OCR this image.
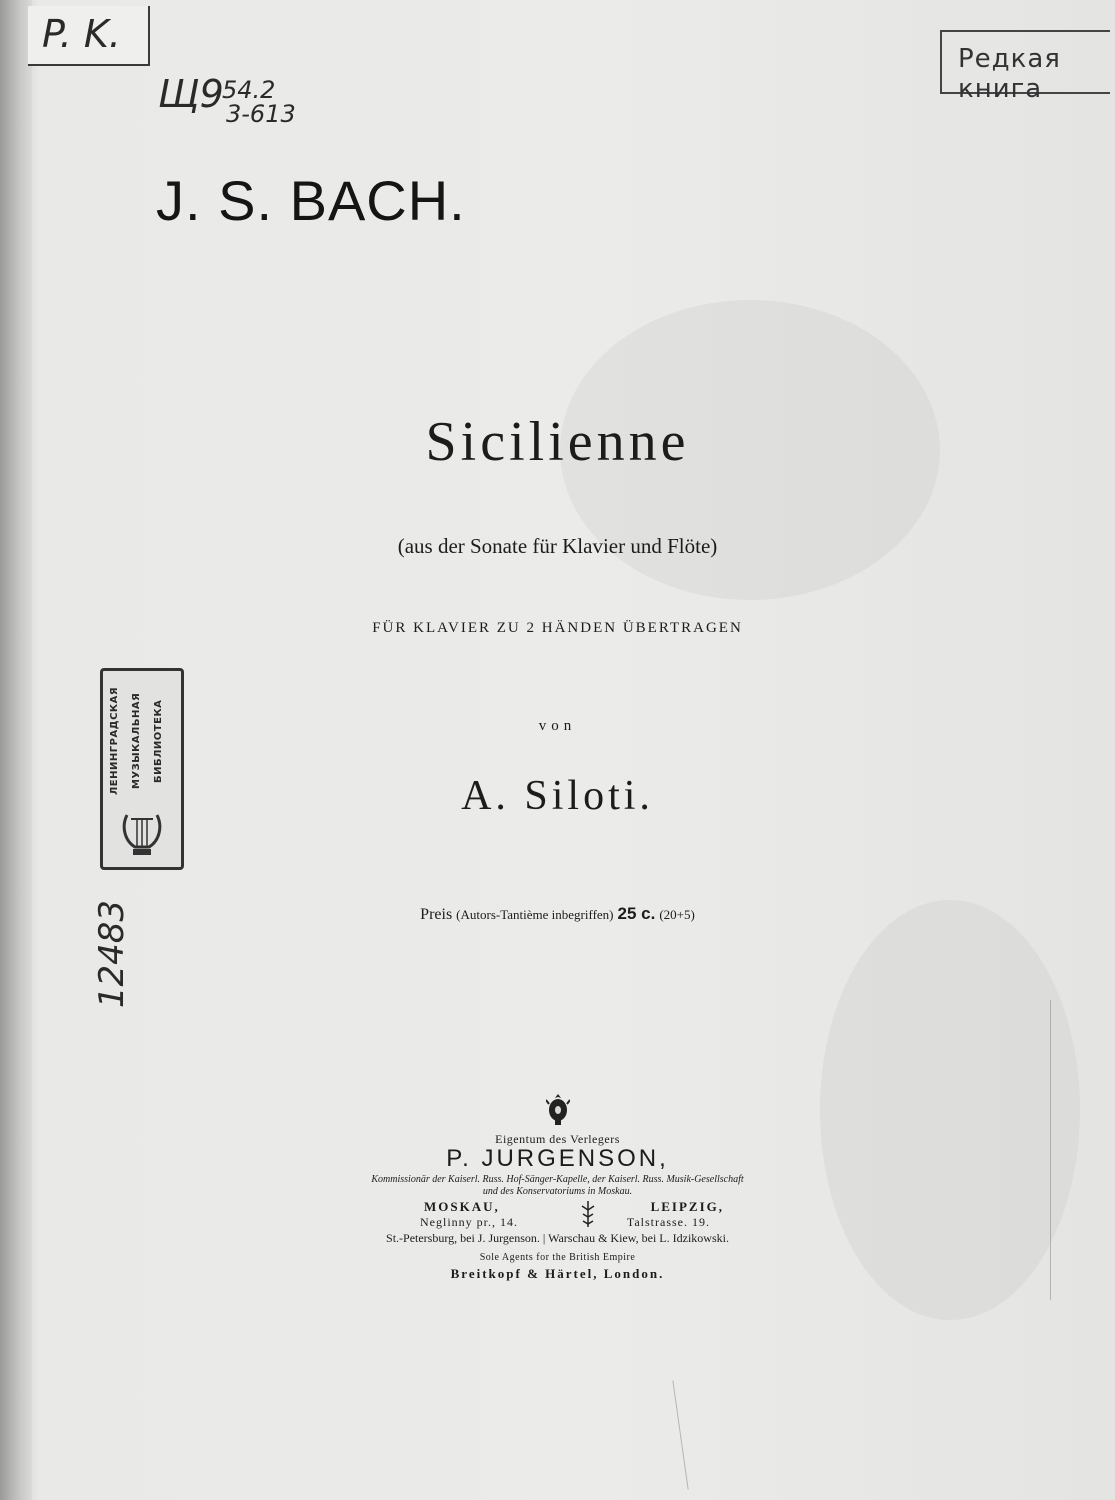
P. K.
Щ9
54.2
3-613
Редкая книга
J. S. BACH.
Sicilienne
(aus der Sonate für Klavier und Flöte)
FÜR KLAVIER ZU 2 HÄNDEN ÜBERTRAGEN
von
A. Siloti.
Preis (Autors-Tantième inbegriffen) 25 c. (20+5)
ЛЕНИНГРАДСКАЯ	МУЗЫКАЛЬНАЯ	БИБЛИОТЕКА
12483
Eigentum des Verlegers
P. JURGENSON,
Kommissionär der Kaiserl. Russ. Hof-Sänger-Kapelle, der Kaiserl. Russ. Musik-Gesellschaft
und des Konservatoriums in Moskau.
MOSKAU,	LEIPZIG,
Neglinny pr., 14.	Talstrasse. 19.
St.-Petersburg, bei J. Jurgenson. | Warschau & Kiew, bei L. Idzikowski.
Sole Agents for the British Empire
Breitkopf & Härtel, London.
